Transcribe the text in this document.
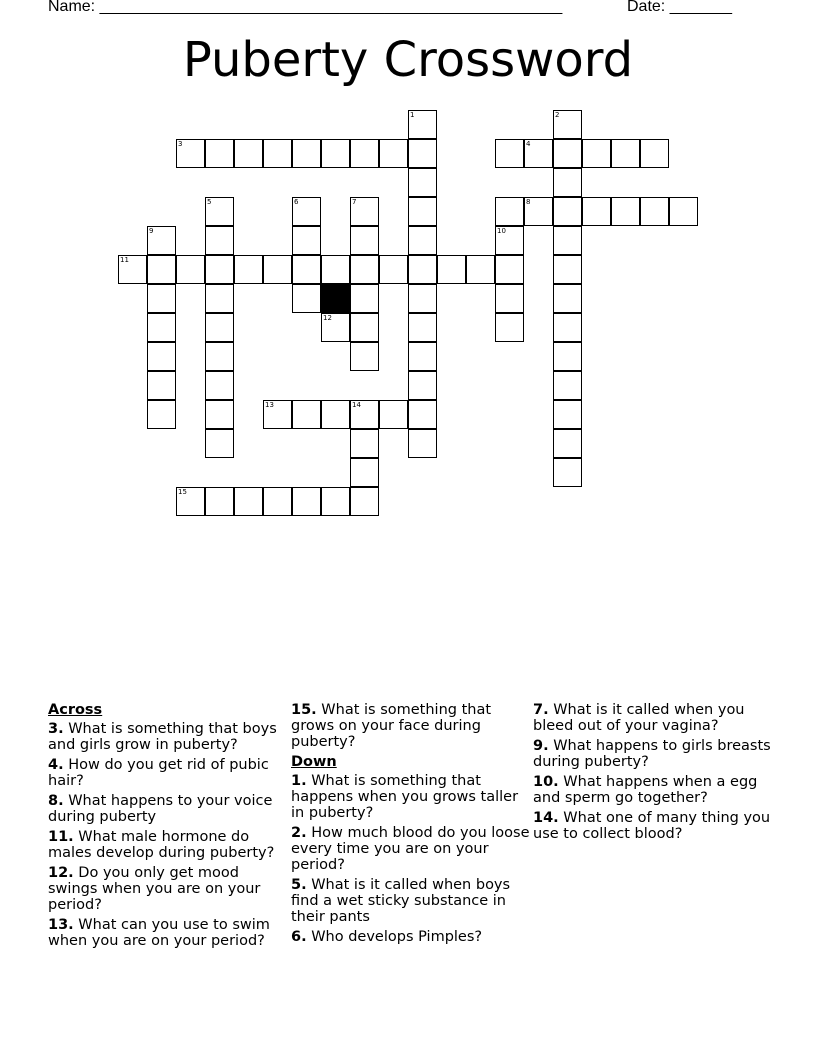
Name: ____________________________________________________	Date: _______
Puberty Crossword
1	2
3	4
5	6	7	8
9	10
11
12
13	14
15
Across
3. What is something that boys and girls grow in puberty?
4. How do you get rid of pubic hair?
8. What happens to your voice during puberty
11. What male hormone do males develop during puberty?
12. Do you only get mood swings when you are on your period?
13. What can you use to swim when you are on your period?
15. What is something that grows on your face during puberty?
Down
1. What is something that happens when you grows taller in puberty?
2. How much blood do you loose every time you are on your period?
5. What is it called when boys find a wet sticky substance in their pants
6. Who develops Pimples?
7. What is it called when you bleed out of your vagina?
9. What happens to girls breasts during puberty?
10. What happens when a egg and sperm go together?
14. What one of many thing you use to collect blood?
